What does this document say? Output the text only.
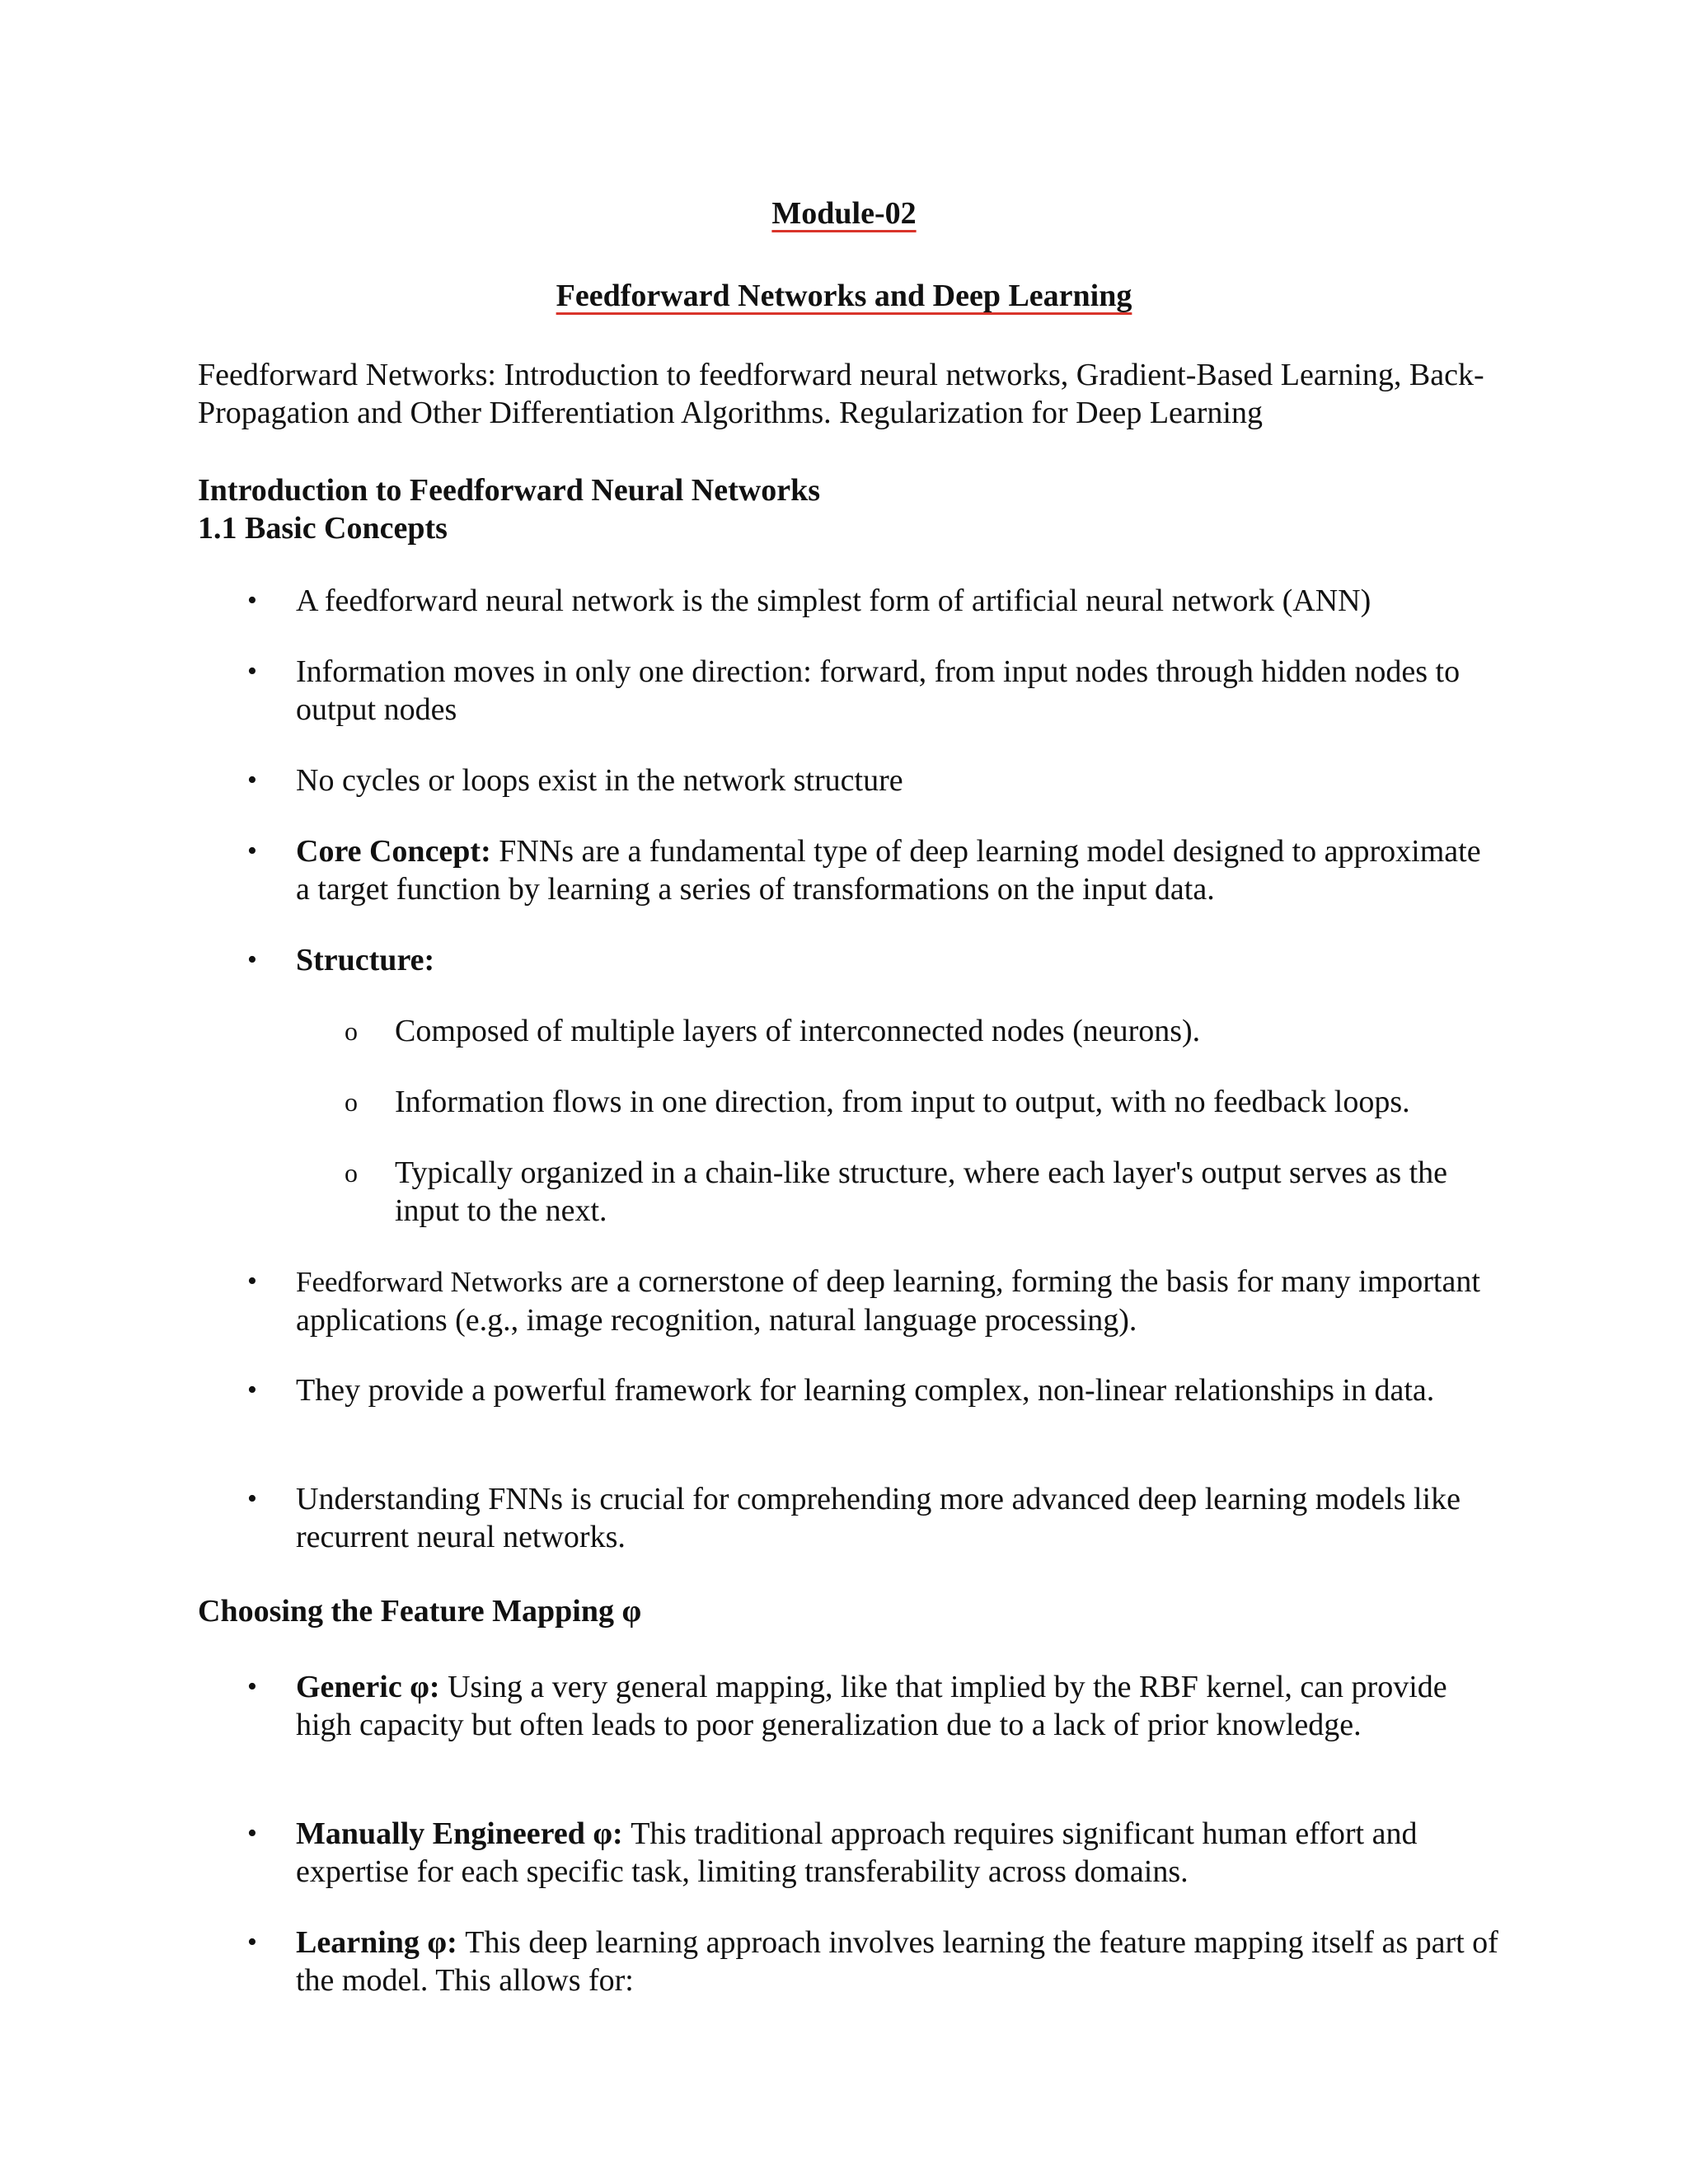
Module-02
Feedforward Networks and Deep Learning

Feedforward Networks: Introduction to feedforward neural networks, Gradient-Based Learning, Back-Propagation and Other Differentiation Algorithms. Regularization for Deep Learning

Introduction to Feedforward Neural Networks
1.1 Basic Concepts
• A feedforward neural network is the simplest form of artificial neural network (ANN)
• Information moves in only one direction: forward, from input nodes through hidden nodes to output nodes
• No cycles or loops exist in the network structure
• Core Concept: FNNs are a fundamental type of deep learning model designed to approximate a target function by learning a series of transformations on the input data.
• Structure:
o	Composed of multiple layers of interconnected nodes (neurons).
o	Information flows in one direction, from input to output, with no feedback loops.
o	Typically organized in a chain-like structure, where each layer's output serves as the input to the next.
• Feedforward Networks are a cornerstone of deep learning, forming the basis for many important applications (e.g., image recognition, natural language processing).
• They provide a powerful framework for learning complex, non-linear relationships in data.
• Understanding FNNs is crucial for comprehending more advanced deep learning models like recurrent neural networks.
Choosing the Feature Mapping φ
• Generic φ: Using a very general mapping, like that implied by the RBF kernel, can provide high capacity but often leads to poor generalization due to a lack of prior knowledge.
• Manually Engineered φ: This traditional approach requires significant human effort and expertise for each specific task, limiting transferability across domains.
• Learning φ: This deep learning approach involves learning the feature mapping itself as part of the model. This allows for:
